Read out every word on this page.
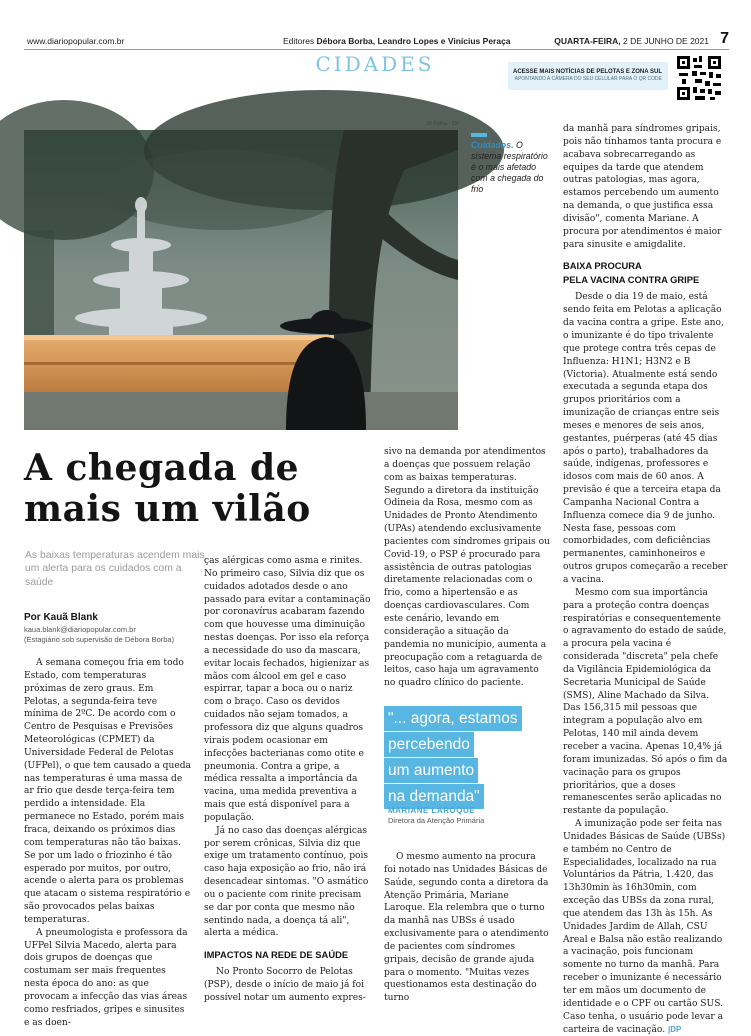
www.diariopopular.com.br	Editores Débora Borba, Leandro Lopes e Vinícius Peraça	QUARTA-FEIRA, 2 DE JUNHO DE 2021 7
CIDADES	ACESSE MAIS NOTÍCIAS DE PELOTAS E ZONA SUL
APONTANDO A CÂMERA DO SEU CELULAR PARA O QR CODE
Cuidados. O sistema respiratório é o mais afetado com a chegada do frio
A chegada de mais um vilão
As baixas temperaturas acendem mais um alerta para os cuidados com a saúde
Por Kauã Blank
kaua.blank@diariopopular.com.br
(Estagiário sob supervisão de Débora Borba)

A semana começou fria em todo Estado, com temperaturas próximas de zero graus. Em Pelotas, a segunda-feira teve mínima de 2ºC. De acordo com o Centro de Pesquisas e Previsões Meteorológicas (CPMET) da Universidade Federal de Pelotas (UFPel), o que tem causado a queda nas temperaturas é uma massa de ar frio que desde terça-feira tem perdido a intensidade. Ela permanece no Estado, porém mais fraca, deixando os próximos dias com temperaturas não tão baixas. Se por um lado o friozinho é tão esperado por muitos, por outro, acende o alerta para os problemas que atacam o sistema respiratório e são provocados pelas baixas temperaturas.

A pneumologista e professora da UFPel Silvia Macedo, alerta para dois grupos de doenças que costumam ser mais frequentes nesta época do ano: as que provocam a infecção das vias áreas como resfriados, gripes e sinusites e as doen-

ças alérgicas como asma e rinites. No primeiro caso, Silvia diz que os cuidados adotados desde o ano passado para evitar a contaminação por coronavírus acabaram fazendo com que houvesse uma diminuição nestas doenças. Por isso ela reforça a necessidade do uso da mascara, evitar locais fechados, higienizar as mãos com álcool em gel e caso espirrar, tapar a boca ou o nariz com o braço. Caso os devidos cuidados não sejam tomados, a professora diz que alguns quadros virais podem ocasionar em infecções bacterianas como otite e pneumonia. Contra a gripe, a médica ressalta a importância da vacina, uma medida preventiva a mais que está disponível para a população.

Já no caso das doenças alérgicas por serem crônicas, Silvia diz que exige um tratamento contínuo, pois caso haja exposição ao frio, não irá desencadear sintomas. "O asmático ou o paciente com rinite precisam se dar por conta que mesmo não sentindo nada, a doença tá ali", alerta a médica.

IMPACTOS NA REDE DE SAÚDE

No Pronto Socorro de Pelotas (PSP), desde o início de maio já foi possível notar um aumento expres-

sivo na demanda por atendimentos a doenças que possuem relação com as baixas temperaturas. Segundo a diretora da instituição Odineia da Rosa, mesmo com as Unidades de Pronto Atendimento (UPAs) atendendo exclusivamente pacientes com síndromes gripais ou Covid-19, o PSP é procurado para assistência de outras patologias diretamente relacionadas com o frio, como a hipertensão e as doenças cardiovasculares. Com este cenário, levando em consideração a situação da pandemia no município, aumenta a preocupação com a retaguarda de leitos, caso haja um agravamento no quadro clínico do paciente.

"... agora, estamos
percebendo
um aumento
na demanda"
MARIANE LAROQUE
Diretora da Atenção Primária

O mesmo aumento na procura foi notado nas Unidades Básicas de Saúde, segundo conta a diretora da Atenção Primária, Mariane Laroque. Ela relembra que o turno da manhã nas UBSs é usado exclusivamente para o atendimento de pacientes com síndromes gripais, decisão de grande ajuda para o momento. "Muitas vezes questionamos esta destinação do turno

da manhã para síndromes gripais, pois não tínhamos tanta procura e acabava sobrecarregando as equipes da tarde que atendem outras patologias, mas agora, estamos percebendo um aumento na demanda, o que justifica essa divisão", comenta Mariane. A procura por atendimentos é maior para sinusite e amigdalite.

BAIXA PROCURA
PELA VACINA CONTRA GRIPE

Desde o dia 19 de maio, está sendo feita em Pelotas a aplicação da vacina contra a gripe. Este ano, o imunizante é do tipo trivalente que protege contra três cepas de Influenza: H1N1; H3N2 e B (Victoria). Atualmente está sendo executada a segunda etapa dos grupos prioritários com a imunização de crianças entre seis meses e menores de seis anos, gestantes, puérperas (até 45 dias após o parto), trabalhadores da saúde, indígenas, professores e idosos com mais de 60 anos. A previsão é que a terceira etapa da Campanha Nacional Contra a Influenza comece dia 9 de junho. Nesta fase, pessoas com comorbidades, com deficiências permanentes, caminhoneiros e outros grupos começarão a receber a vacina.

Mesmo com sua importância para a proteção contra doenças respiratórias e consequentemente o agravamento do estado de saúde, a procura pela vacina é considerada "discreta" pela chefe da Vigilância Epidemiológica da Secretaria Municipal de Saúde (SMS), Aline Machado da Silva. Das 156,315 mil pessoas que integram a população alvo em Pelotas, 140 mil ainda devem receber a vacina. Apenas 10,4% já foram imunizadas. Só após o fim da vacinação para os grupos prioritários, que a doses remanescentes serão aplicadas no restante da população.

A imunização pode ser feita nas Unidades Básicas de Saúde (UBSs) e também no Centro de Especialidades, localizado na rua Voluntários da Pátria, 1.420, das 13h30min às 16h30min, com exceção das UBSs da zona rural, que atendem das 13h às 15h. As Unidades Jardim de Allah, CSU Areal e Balsa não estão realizando a vacinação, pois funcionam somente no turno da manhã. Para receber o imunizante é necessário ter em mãos um documento de identidade e o CPF ou cartão SUS. Caso tenha, o usuário pode levar a carteira de vacinação. |DP
